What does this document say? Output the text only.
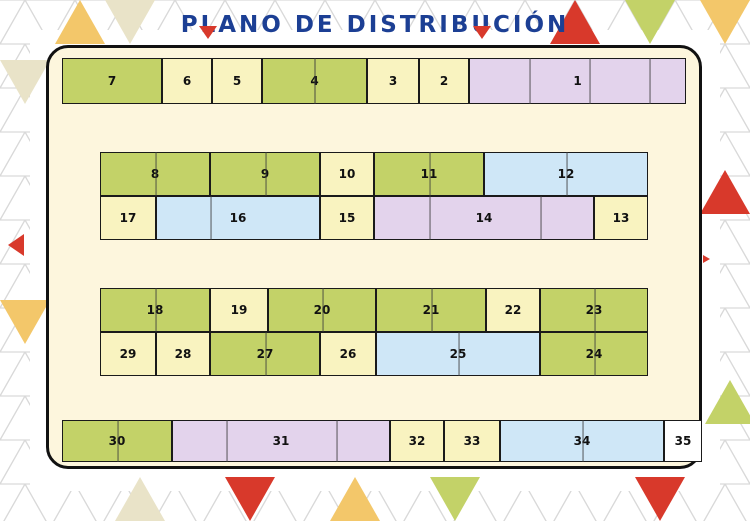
PLANO DE DISTRIBUCIÓN
7	6	5	4	3	2	1
8	9	10	11	12
17	16	15	14	13
18	19	20	21	22	23
29	28	27	26	25	24
30	31	32	33	34	35
